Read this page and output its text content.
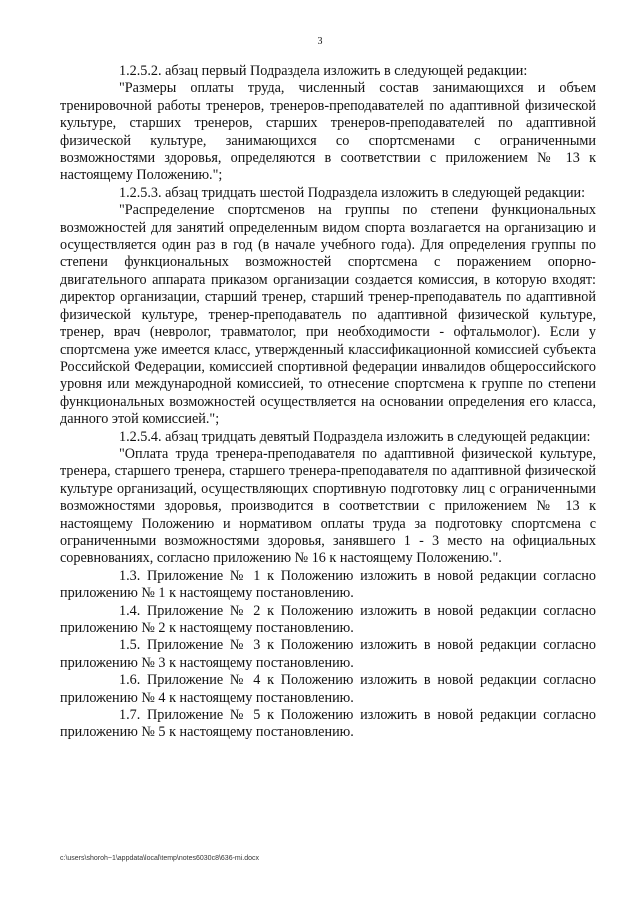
3

1.2.5.2. абзац первый Подраздела изложить в следующей редакции:

"Размеры оплаты труда, численный состав занимающихся и объем тренировочной работы тренеров, тренеров-преподавателей по адаптивной физической культуре, старших тренеров, старших тренеров-преподавателей по адаптивной физической культуре, занимающихся со спортсменами с ограниченными возможностями здоровья, определяются в соответствии с приложением № 13 к настоящему Положению.";

1.2.5.3. абзац тридцать шестой Подраздела изложить в следующей редакции:

"Распределение спортсменов на группы по степени функциональных возможностей для занятий определенным видом спорта возлагается на организацию и осуществляется один раз в год (в начале учебного года). Для определения группы по степени функциональных возможностей спортсмена с поражением опорно-двигательного аппарата приказом организации создается комиссия, в которую входят: директор организации, старший тренер, старший тренер-преподаватель по адаптивной физической культуре, тренер-преподаватель по адаптивной физической культуре, тренер, врач (невролог, травматолог, при необходимости - офтальмолог). Если у спортсмена уже имеется класс, утвержденный классификационной комиссией субъекта Российской Федерации, комиссией спортивной федерации инвалидов общероссийского уровня или международной комиссией, то отнесение спортсмена к группе по степени функциональных возможностей осуществляется на основании определения его класса, данного этой комиссией.";

1.2.5.4. абзац тридцать девятый Подраздела изложить в следующей редакции:

"Оплата труда тренера-преподавателя по адаптивной физической культуре, тренера, старшего тренера, старшего тренера-преподавателя по адаптивной физической культуре организаций, осуществляющих спортивную подготовку лиц с ограниченными возможностями здоровья, производится в соответствии с приложением № 13 к настоящему Положению и нормативом оплаты труда за подготовку спортсмена с ограниченными возможностями здоровья, занявшего 1 - 3 место на официальных соревнованиях, согласно приложению № 16 к настоящему Положению.".

1.3. Приложение № 1 к Положению изложить в новой редакции согласно приложению № 1 к настоящему постановлению.

1.4. Приложение № 2 к Положению изложить в новой редакции согласно приложению № 2 к настоящему постановлению.

1.5. Приложение № 3 к Положению изложить в новой редакции согласно приложению № 3 к настоящему постановлению.

1.6. Приложение № 4 к Положению изложить в новой редакции согласно приложению № 4 к настоящему постановлению.

1.7. Приложение № 5 к Положению изложить в новой редакции согласно приложению № 5 к настоящему постановлению.

c:\users\shoroh~1\appdata\local\temp\notes6030c8\636-mi.docx
